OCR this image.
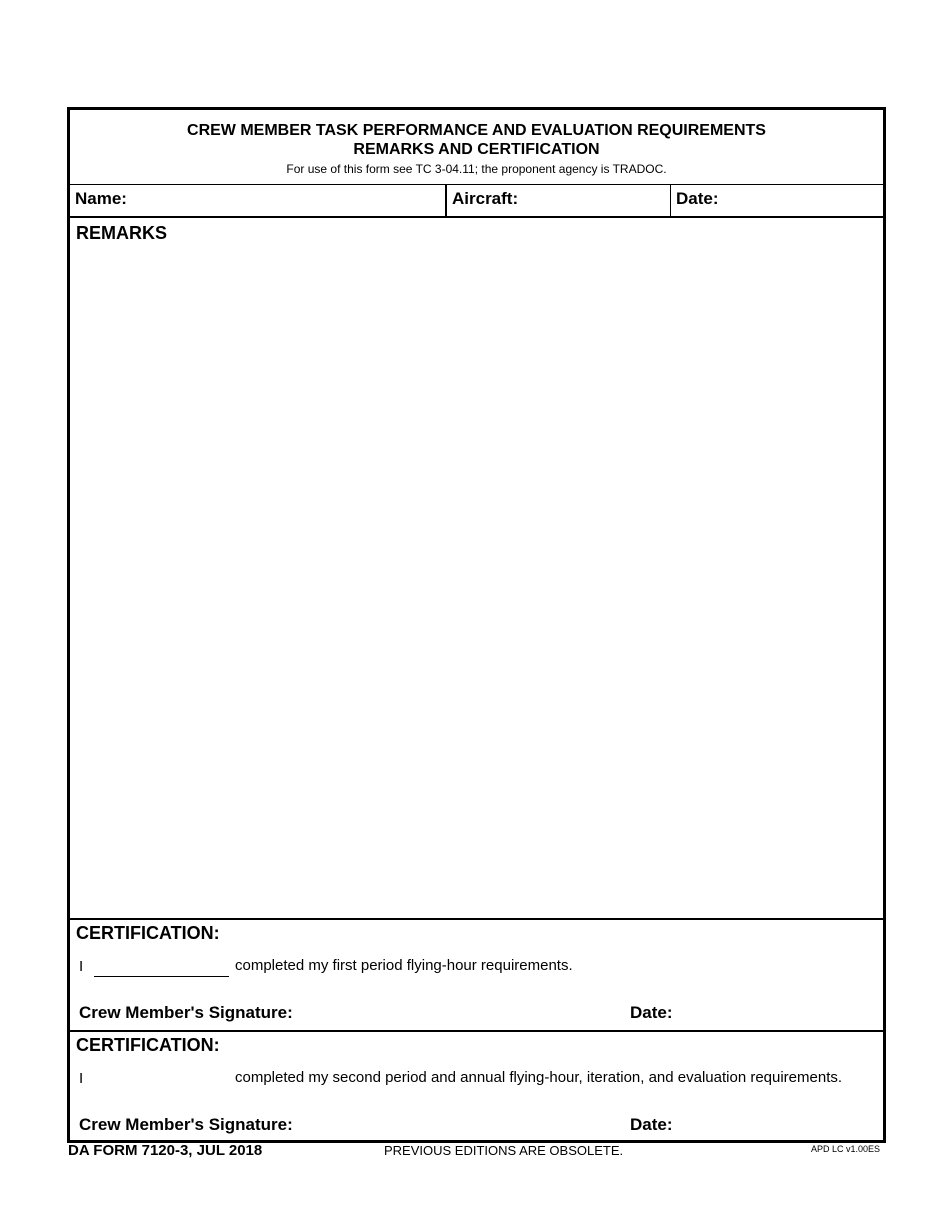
CREW MEMBER TASK PERFORMANCE AND EVALUATION REQUIREMENTS
REMARKS AND CERTIFICATION
For use of this form see TC 3-04.11; the proponent agency is TRADOC.
Name:	Aircraft:	Date:
REMARKS
CERTIFICATION:
I	completed my first period flying-hour requirements.
Crew Member's Signature:	Date:
CERTIFICATION:
I	completed my second period and annual flying-hour, iteration, and evaluation requirements.
Crew Member's Signature:	Date:
DA FORM 7120-3, JUL 2018	PREVIOUS EDITIONS ARE OBSOLETE.	APD LC v1.00ES
